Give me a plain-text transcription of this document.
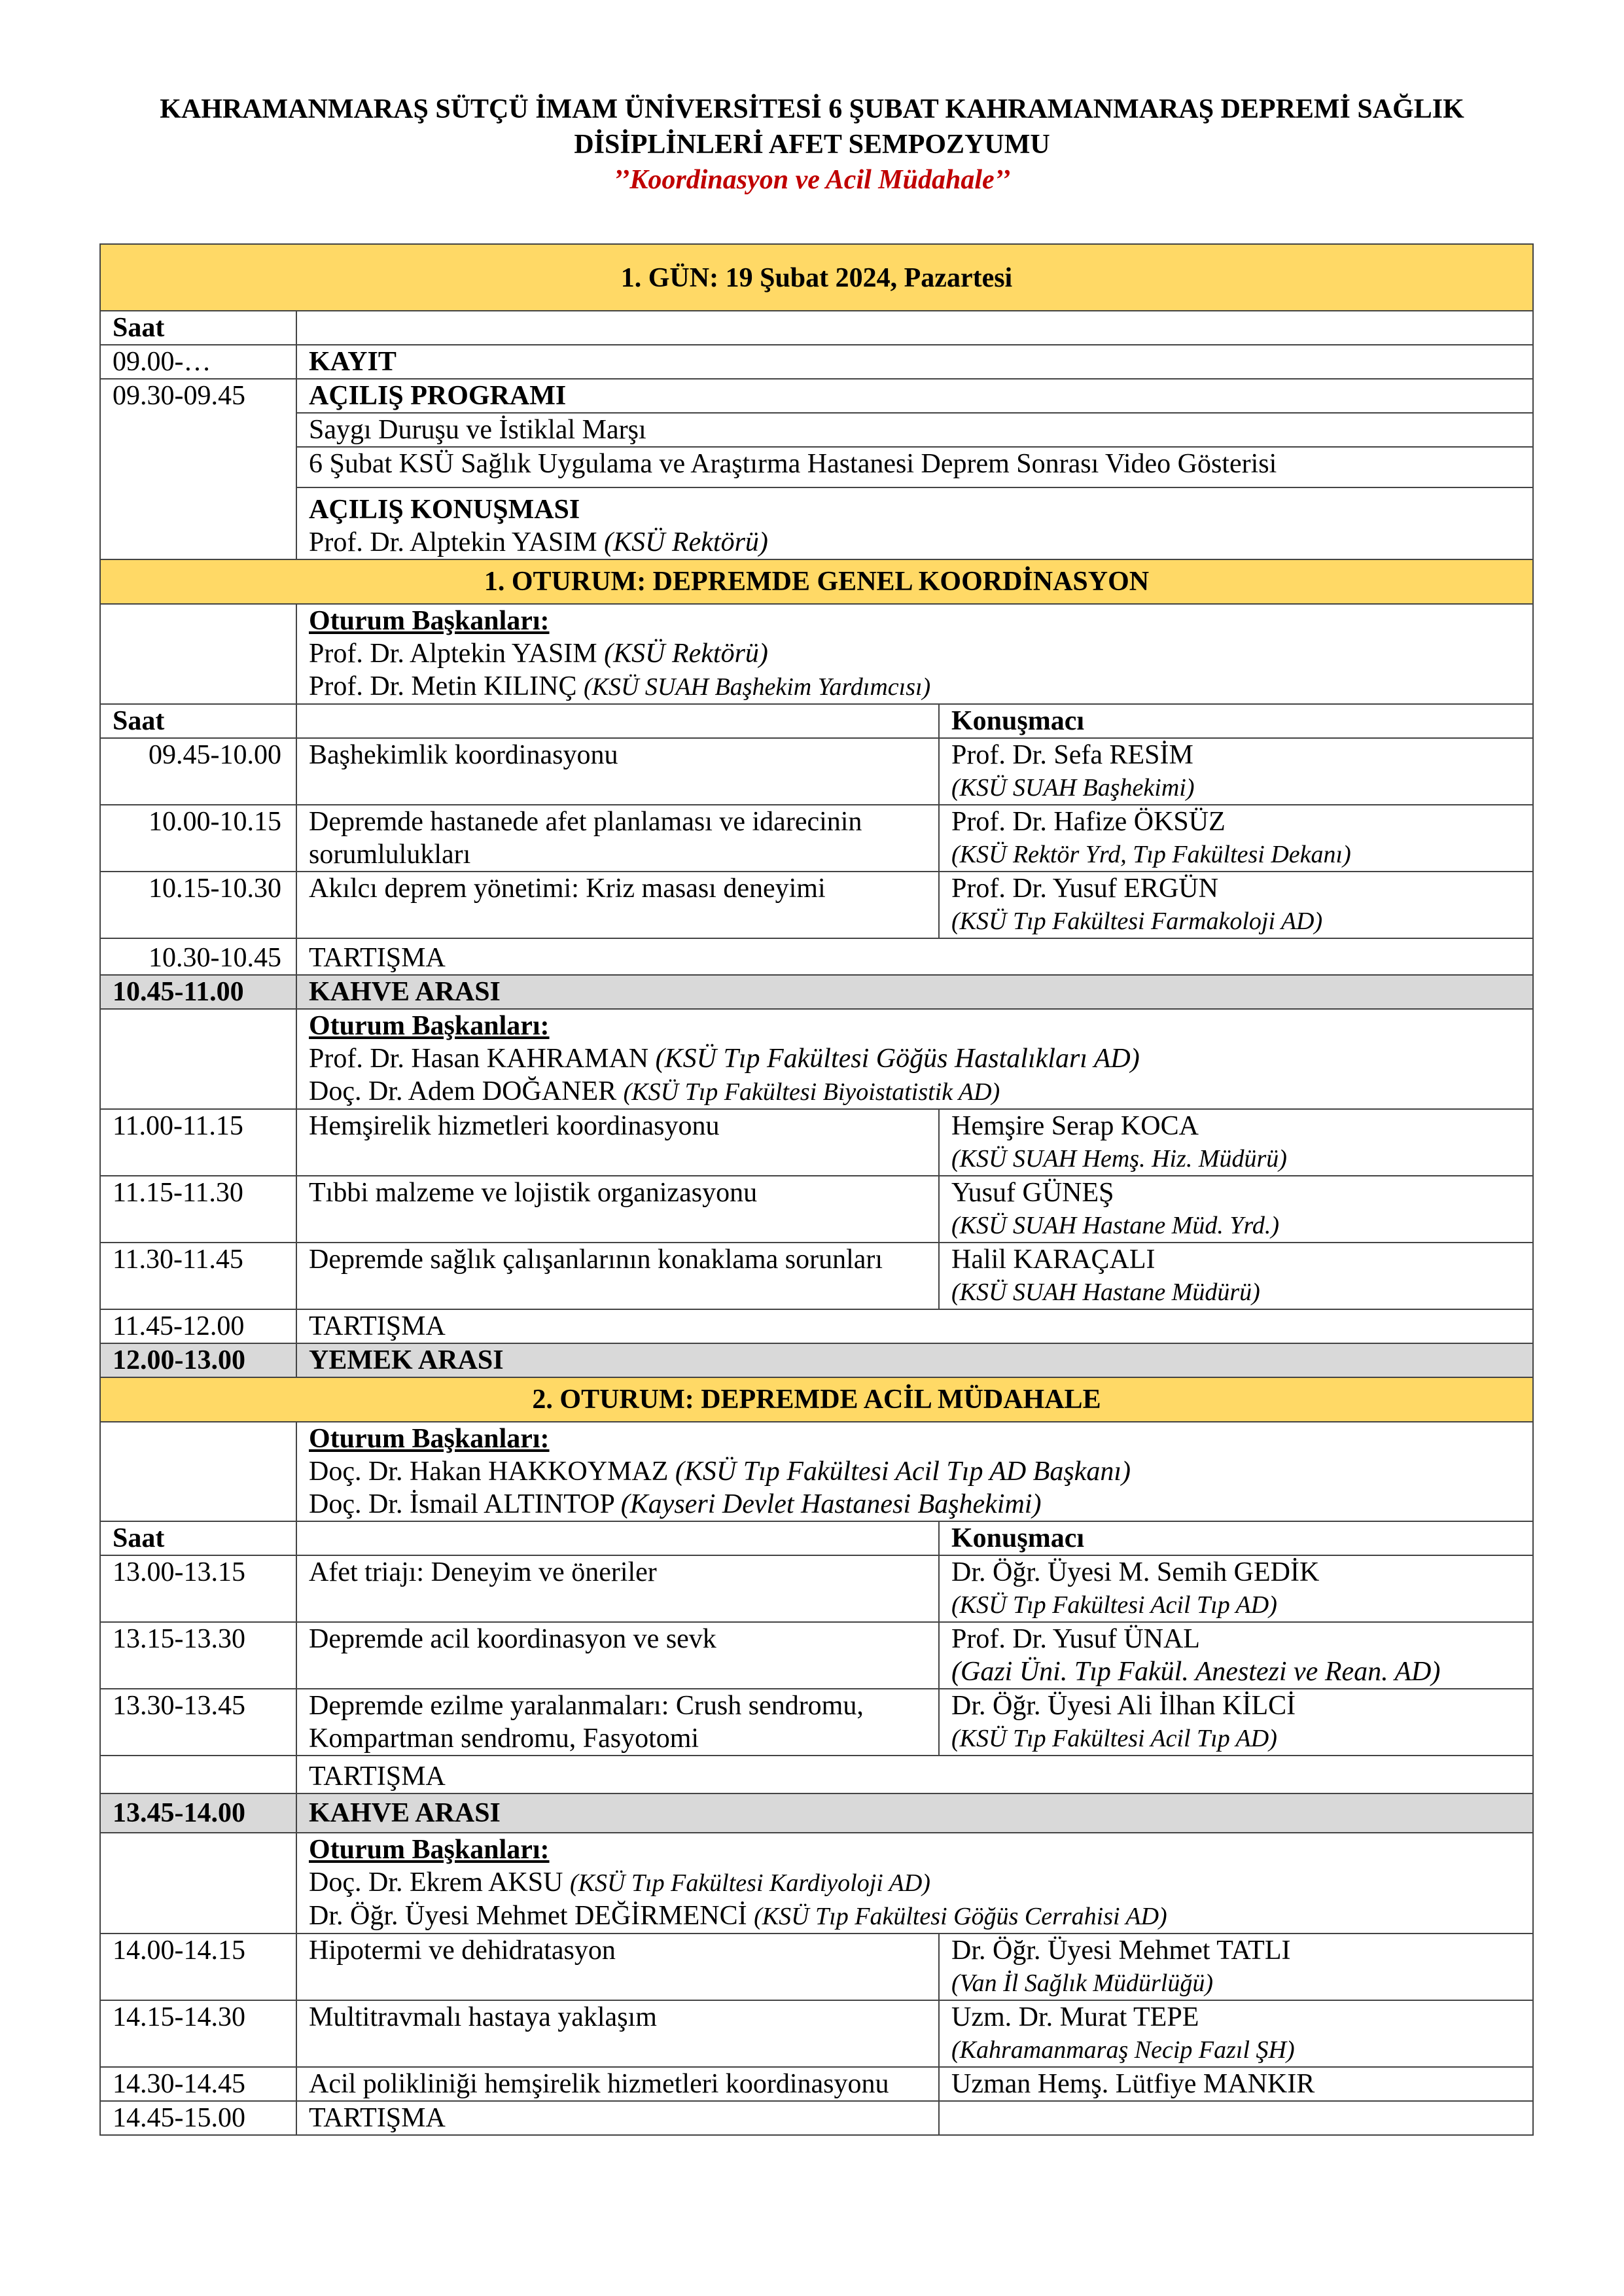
KAHRAMANMARAŞ SÜTÇÜ İMAM ÜNİVERSİTESİ 6 ŞUBAT KAHRAMANMARAŞ DEPREMİ SAĞLIK
DİSİPLİNLERİ AFET SEMPOZYUMU
’’Koordinasyon ve Acil Müdahale’’
1. GÜN: 19 Şubat 2024, Pazartesi		
Saat		
09.00-…	KAYIT	
09.30-09.45	AÇILIŞ PROGRAMI	
	Saygı Duruşu ve İstiklal Marşı	
	6 Şubat KSÜ Sağlık Uygulama ve Araştırma Hastanesi Deprem Sonrası Video Gösterisi	

	AÇILIŞ KONUŞMASI
Prof. Dr. Alptekin YASIM (KSÜ Rektörü)	

1. OTURUM: DEPREMDE GENEL KOORDİNASYON		

	Oturum Başkanları:
Prof. Dr. Alptekin YASIM (KSÜ Rektörü)
Prof. Dr. Metin KILINÇ (KSÜ SUAH Başhekim Yardımcısı)	

Saat		Konuşmacı
09.45-10.00	Başhekimlik koordinasyonu	Prof. Dr. Sefa RESİM
(KSÜ SUAH Başhekimi)

10.00-10.15	Depremde hastanede afet planlaması ve idarecinin sorumlulukları	Prof. Dr. Hafize ÖKSÜZ
(KSÜ Rektör Yrd, Tıp Fakültesi Dekanı)

10.15-10.30	Akılcı deprem yönetimi: Kriz masası deneyimi	Prof. Dr. Yusuf ERGÜN
(KSÜ Tıp Fakültesi Farmakoloji AD)

10.30-10.45	TARTIŞMA	
10.45-11.00	KAHVE ARASI	

	Oturum Başkanları:
Prof. Dr. Hasan KAHRAMAN (KSÜ Tıp Fakültesi Göğüs Hastalıkları AD)
Doç. Dr. Adem DOĞANER (KSÜ Tıp Fakültesi Biyoistatistik AD)	

11.00-11.15	Hemşirelik hizmetleri koordinasyonu	Hemşire Serap KOCA
(KSÜ SUAH Hemş. Hiz. Müdürü)

11.15-11.30	Tıbbi malzeme ve lojistik organizasyonu	Yusuf GÜNEŞ
(KSÜ SUAH Hastane Müd. Yrd.)

11.30-11.45	Depremde sağlık çalışanlarının konaklama sorunları	Halil KARAÇALI
(KSÜ SUAH Hastane Müdürü)

11.45-12.00	TARTIŞMA	
12.00-13.00	YEMEK ARASI	
2. OTURUM: DEPREMDE ACİL MÜDAHALE		

	Oturum Başkanları:
Doç. Dr. Hakan HAKKOYMAZ (KSÜ Tıp Fakültesi Acil Tıp AD Başkanı)
Doç. Dr. İsmail ALTINTOP (Kayseri Devlet Hastanesi Başhekimi)	

Saat		Konuşmacı
13.00-13.15	Afet triajı: Deneyim ve öneriler	Dr. Öğr. Üyesi M. Semih GEDİK
(KSÜ Tıp Fakültesi Acil Tıp AD)

13.15-13.30	Depremde acil koordinasyon ve sevk	Prof. Dr. Yusuf ÜNAL
(Gazi Üni. Tıp Fakül. Anestezi ve Rean. AD)

13.30-13.45	Depremde ezilme yaralanmaları: Crush sendromu, Kompartman sendromu, Fasyotomi	Dr. Öğr. Üyesi Ali İlhan KİLCİ
(KSÜ Tıp Fakültesi Acil Tıp AD)

	TARTIŞMA	
13.45-14.00	KAHVE ARASI	

	Oturum Başkanları:
Doç. Dr. Ekrem AKSU (KSÜ Tıp Fakültesi Kardiyoloji AD)
Dr. Öğr. Üyesi Mehmet DEĞİRMENCİ (KSÜ Tıp Fakültesi Göğüs Cerrahisi AD)	

14.00-14.15	Hipotermi ve dehidratasyon	Dr. Öğr. Üyesi Mehmet TATLI
(Van İl Sağlık Müdürlüğü)

14.15-14.30	Multitravmalı hastaya yaklaşım	Uzm. Dr. Murat TEPE
(Kahramanmaraş Necip Fazıl ŞH)

14.30-14.45	Acil polikliniği hemşirelik hizmetleri koordinasyonu	Uzman Hemş. Lütfiye MANKIR

14.45-15.00	TARTIŞMA	
